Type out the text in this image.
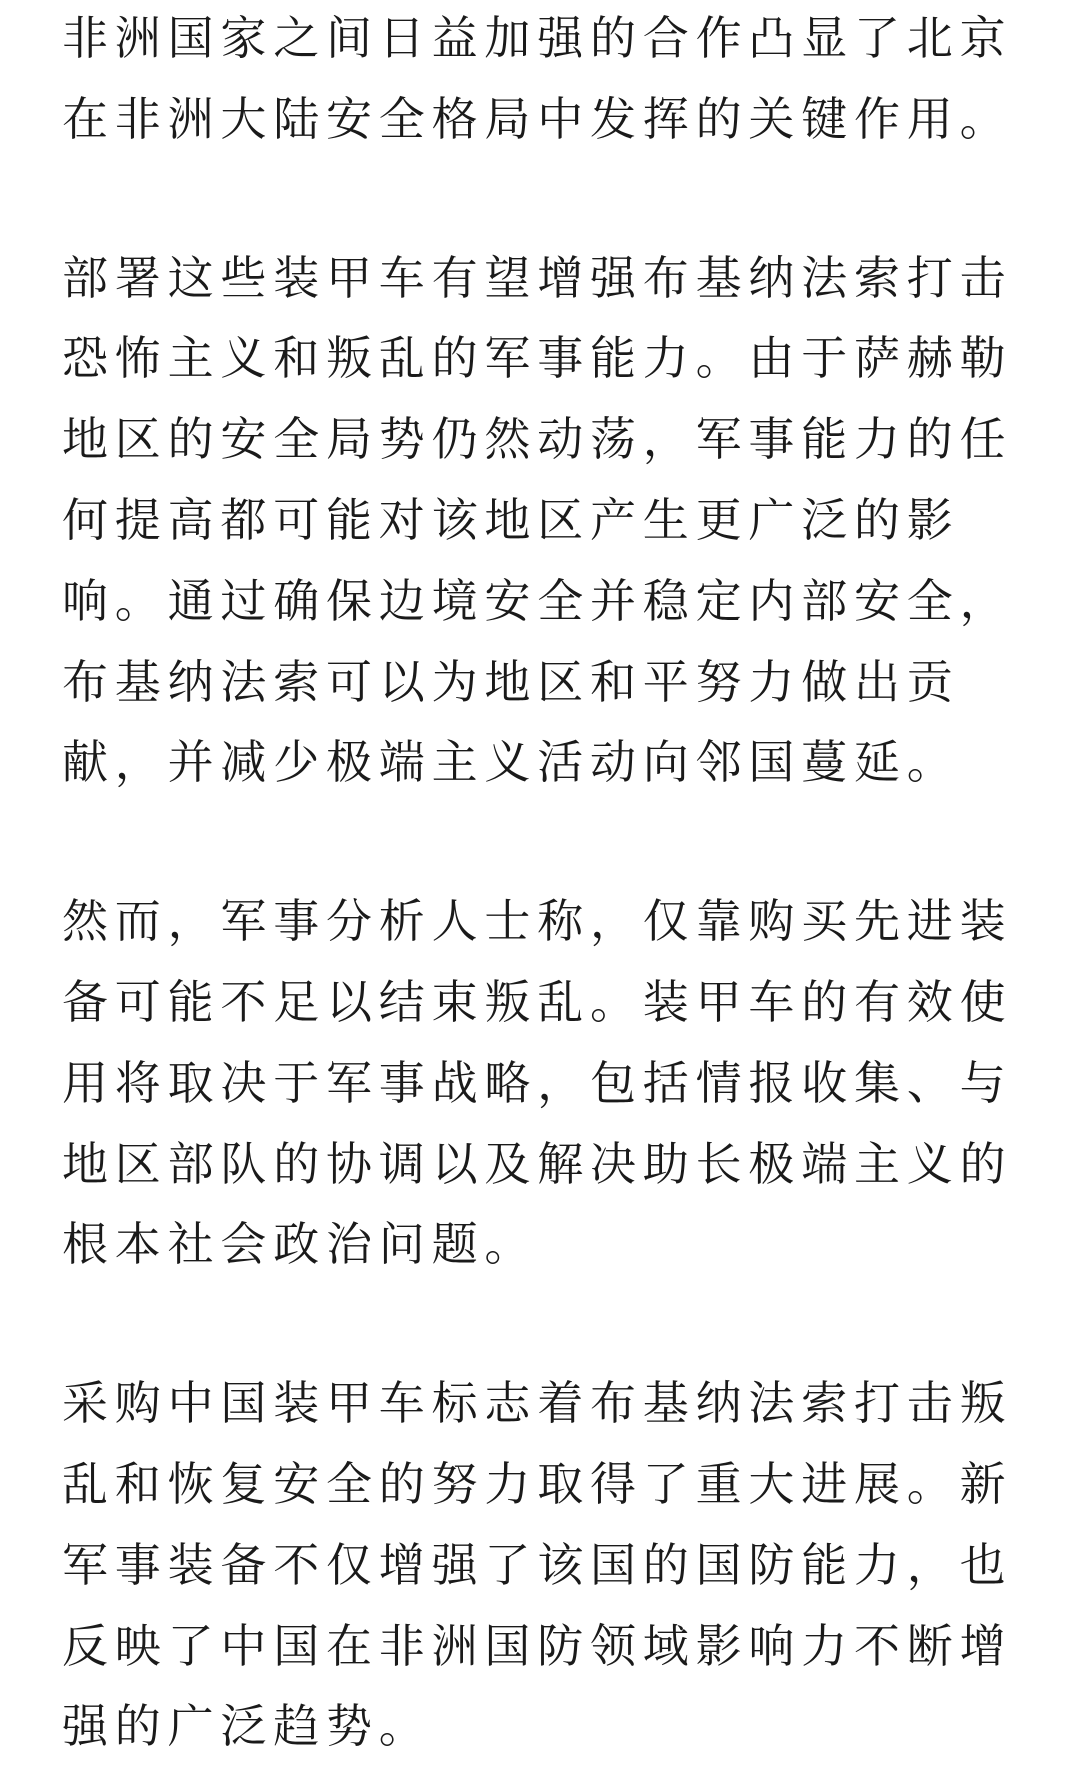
非洲国家之间日益加强的合作凸显了北京在非洲大陆安全格局中发挥的关键作用。

部署这些装甲车有望增强布基纳法索打击恐怖主义和叛乱的军事能力。由于萨赫勒地区的安全局势仍然动荡，军事能力的任何提高都可能对该地区产生更广泛的影响。通过确保边境安全并稳定内部安全，布基纳法索可以为地区和平努力做出贡献，并减少极端主义活动向邻国蔓延。

然而，军事分析人士称，仅靠购买先进装备可能不足以结束叛乱。装甲车的有效使用将取决于军事战略，包括情报收集、与地区部队的协调以及解决助长极端主义的根本社会政治问题。

采购中国装甲车标志着布基纳法索打击叛乱和恢复安全的努力取得了重大进展。新军事装备不仅增强了该国的国防能力，也反映了中国在非洲国防领域影响力不断增强的广泛趋势。
